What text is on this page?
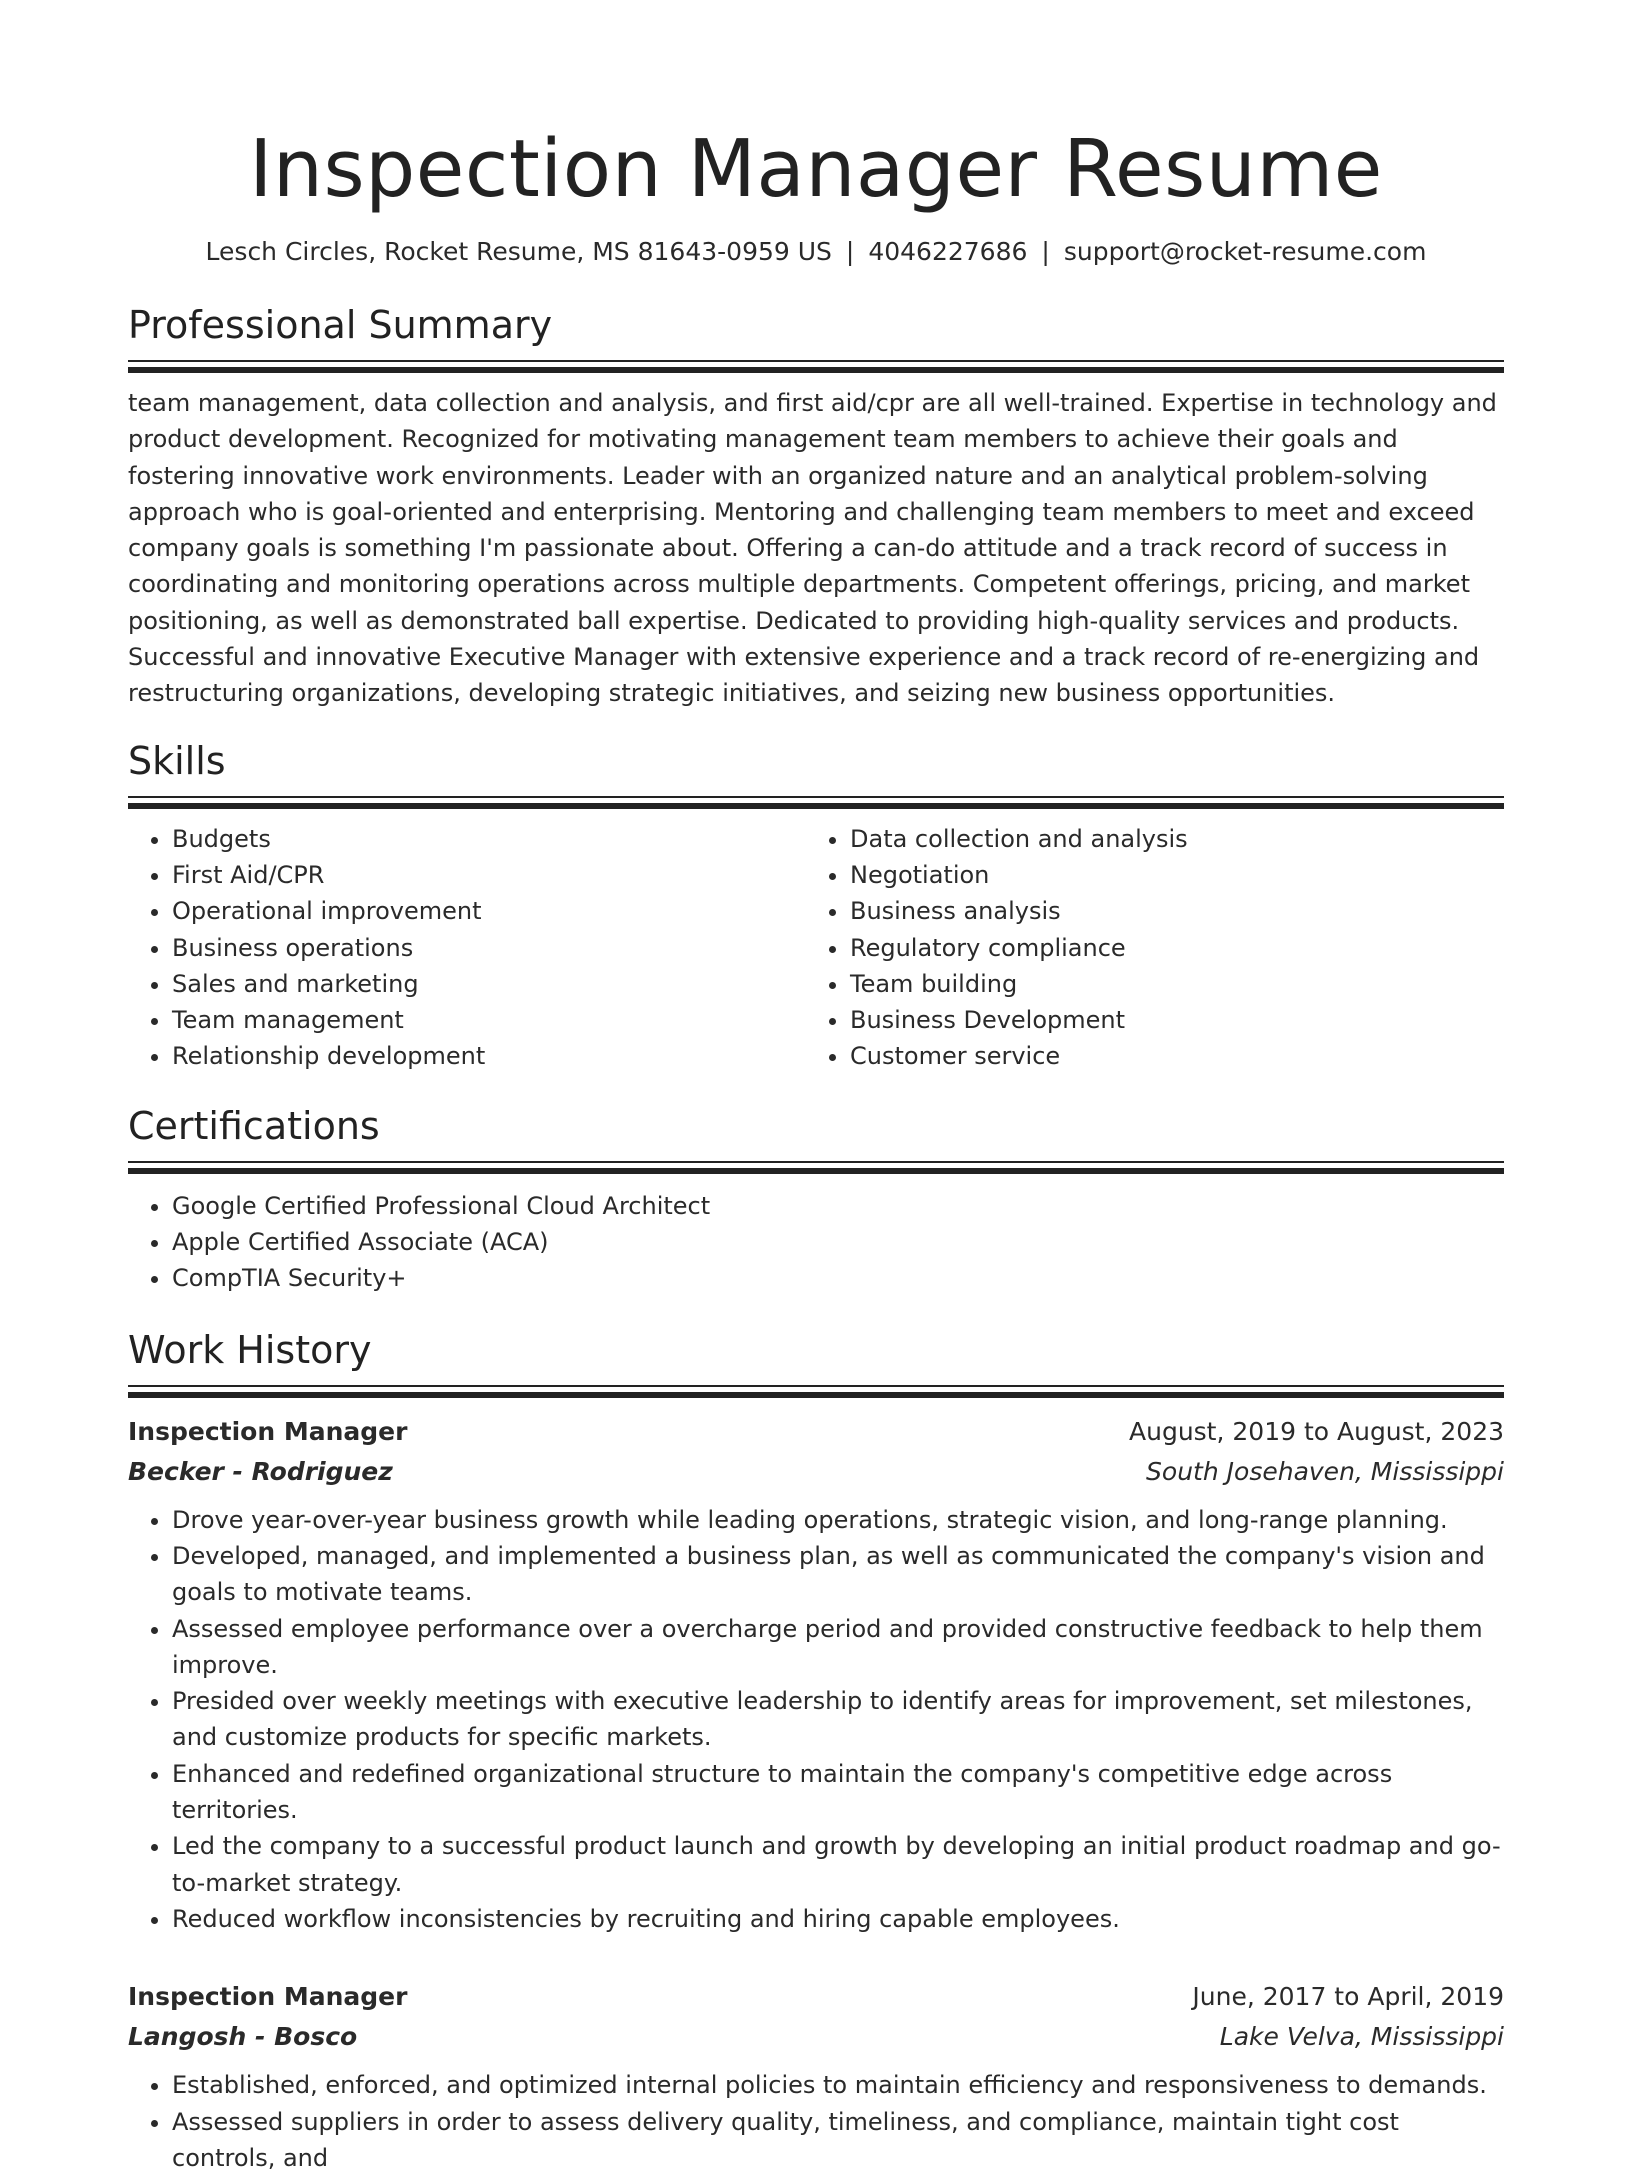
Inspection Manager Resume
Lesch Circles, Rocket Resume, MS 81643-0959 US | 4046227686 | support@rocket-resume.com
Professional Summary

team management, data collection and analysis, and first aid/cpr are all well-trained. Expertise in technology and product development. Recognized for motivating management team members to achieve their goals and fostering innovative work environments. Leader with an organized nature and an analytical problem-solving approach who is goal-oriented and enterprising. Mentoring and challenging team members to meet and exceed company goals is something I'm passionate about. Offering a can-do attitude and a track record of success in coordinating and monitoring operations across multiple departments. Competent offerings, pricing, and market positioning, as well as demonstrated ball expertise. Dedicated to providing high-quality services and products. Successful and innovative Executive Manager with extensive experience and a track record of re-energizing and restructuring organizations, developing strategic initiatives, and seizing new business opportunities.

Skills
• Budgets
• First Aid/CPR
• Operational improvement
• Business operations
• Sales and marketing
• Team management
• Relationship development
• Data collection and analysis
• Negotiation
• Business analysis
• Regulatory compliance
• Team building
• Business Development
• Customer service
Certifications
• Google Certified Professional Cloud Architect
• Apple Certified Associate (ACA)
• CompTIA Security+
Work History
Inspection Manager	August, 2019 to August, 2023
Becker - Rodriguez	South Josehaven, Mississippi
• Drove year-over-year business growth while leading operations, strategic vision, and long-range planning.
• Developed, managed, and implemented a business plan, as well as communicated the company's vision and goals to motivate teams.
• Assessed employee performance over a overcharge period and provided constructive feedback to help them improve.
• Presided over weekly meetings with executive leadership to identify areas for improvement, set milestones, and customize products for specific markets.
• Enhanced and redefined organizational structure to maintain the company's competitive edge across territories.
• Led the company to a successful product launch and growth by developing an initial product roadmap and go-to-market strategy.
• Reduced workflow inconsistencies by recruiting and hiring capable employees.
Inspection Manager	June, 2017 to April, 2019
Langosh - Bosco	Lake Velva, Mississippi
• Established, enforced, and optimized internal policies to maintain efficiency and responsiveness to demands.
• Assessed suppliers in order to assess delivery quality, timeliness, and compliance, maintain tight cost controls, and
